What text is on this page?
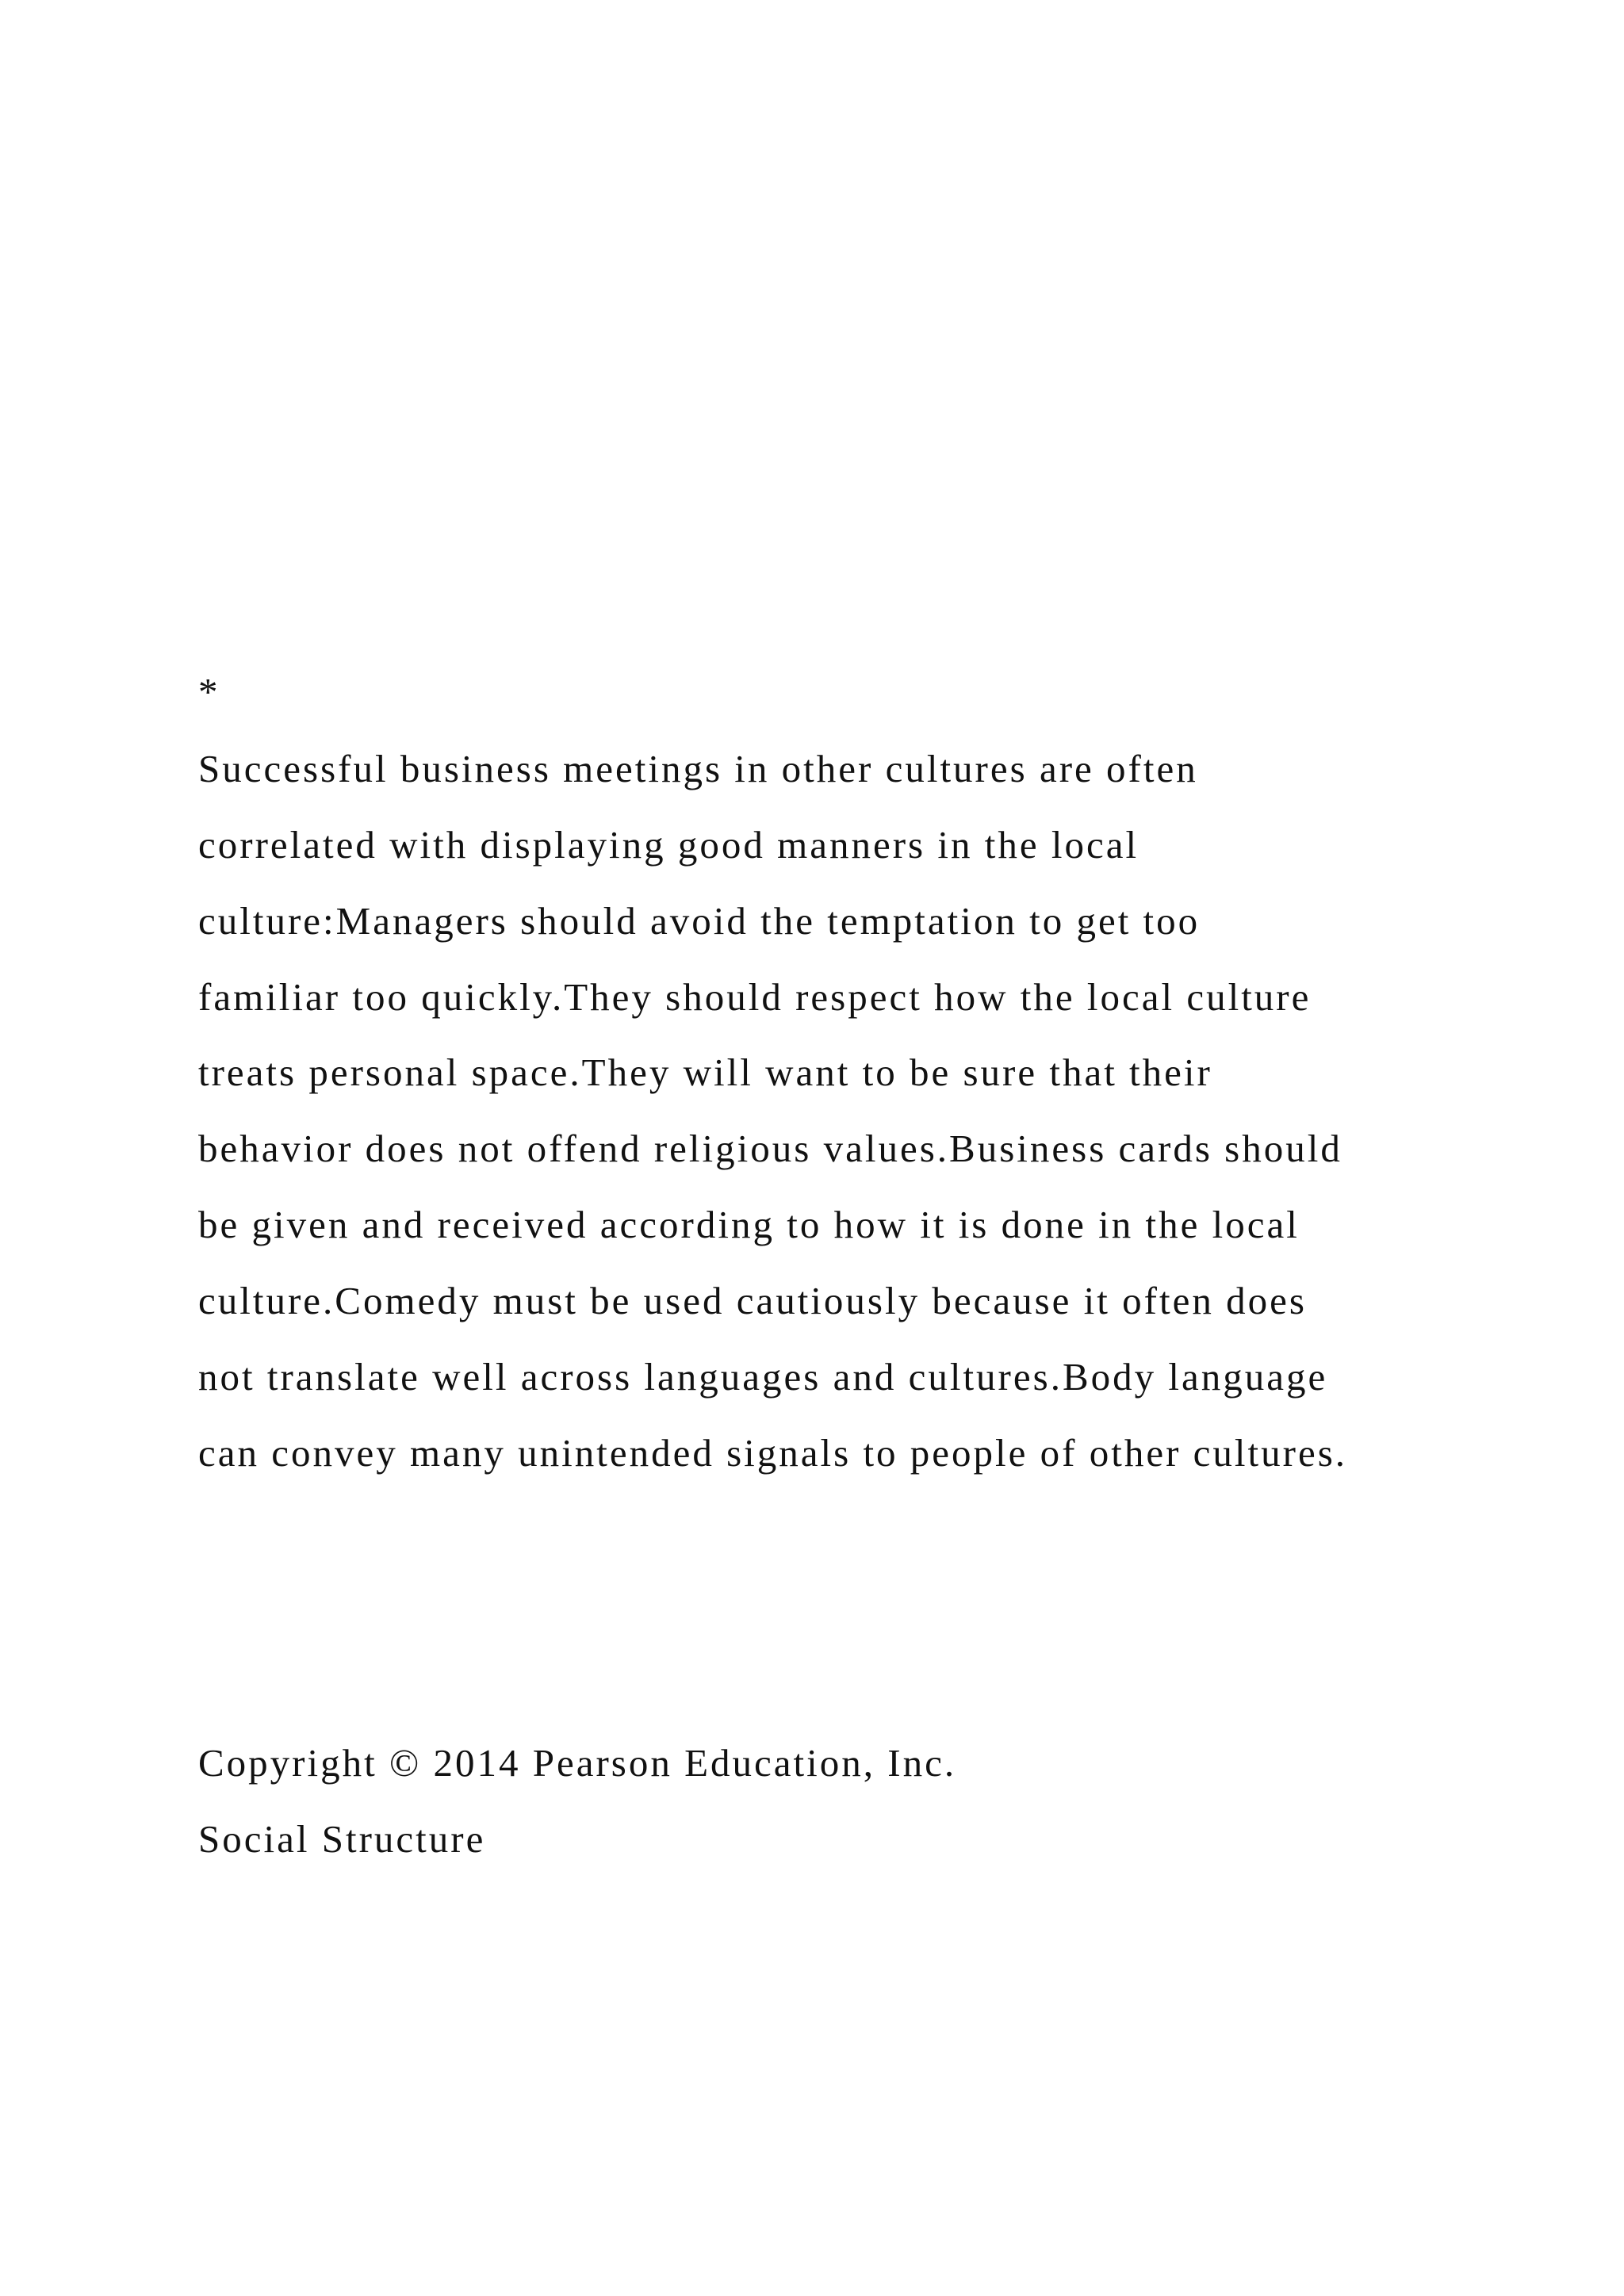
*
Successful business meetings in other cultures are often
correlated with displaying good manners in the local
culture:Managers should avoid the temptation to get too
familiar too quickly.They should respect how the local culture
treats personal space.They will want to be sure that their
behavior does not offend religious values.Business cards should
be given and received according to how it is done in the local
culture.Comedy must be used cautiously because it often does
not translate well across languages and cultures.Body language
can convey many unintended signals to people of other cultures.
Copyright © 2014 Pearson Education, Inc.
Social Structure
